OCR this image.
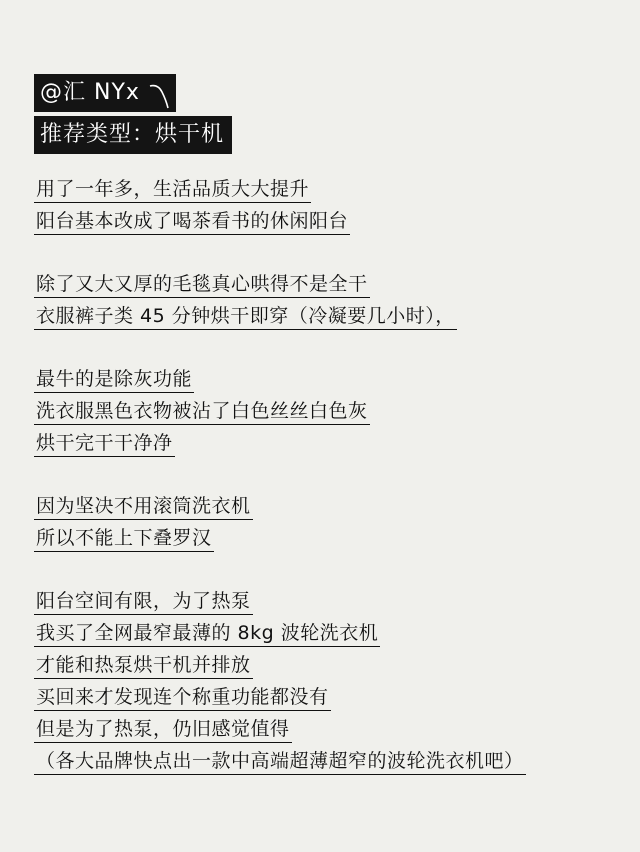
@汇 NYx
推荐类型：烘干机
用了一年多，生活品质大大提升
阳台基本改成了喝茶看书的休闲阳台
除了又大又厚的毛毯真心哄得不是全干
衣服裤子类 45 分钟烘干即穿（冷凝要几小时），
最牛的是除灰功能
洗衣服黑色衣物被沾了白色丝丝白色灰
烘干完干干净净
因为坚决不用滚筒洗衣机
所以不能上下叠罗汉
阳台空间有限，为了热泵
我买了全网最窄最薄的 8kg 波轮洗衣机
才能和热泵烘干机并排放
买回来才发现连个称重功能都没有
但是为了热泵，仍旧感觉值得
（各大品牌快点出一款中高端超薄超窄的波轮洗衣机吧）
